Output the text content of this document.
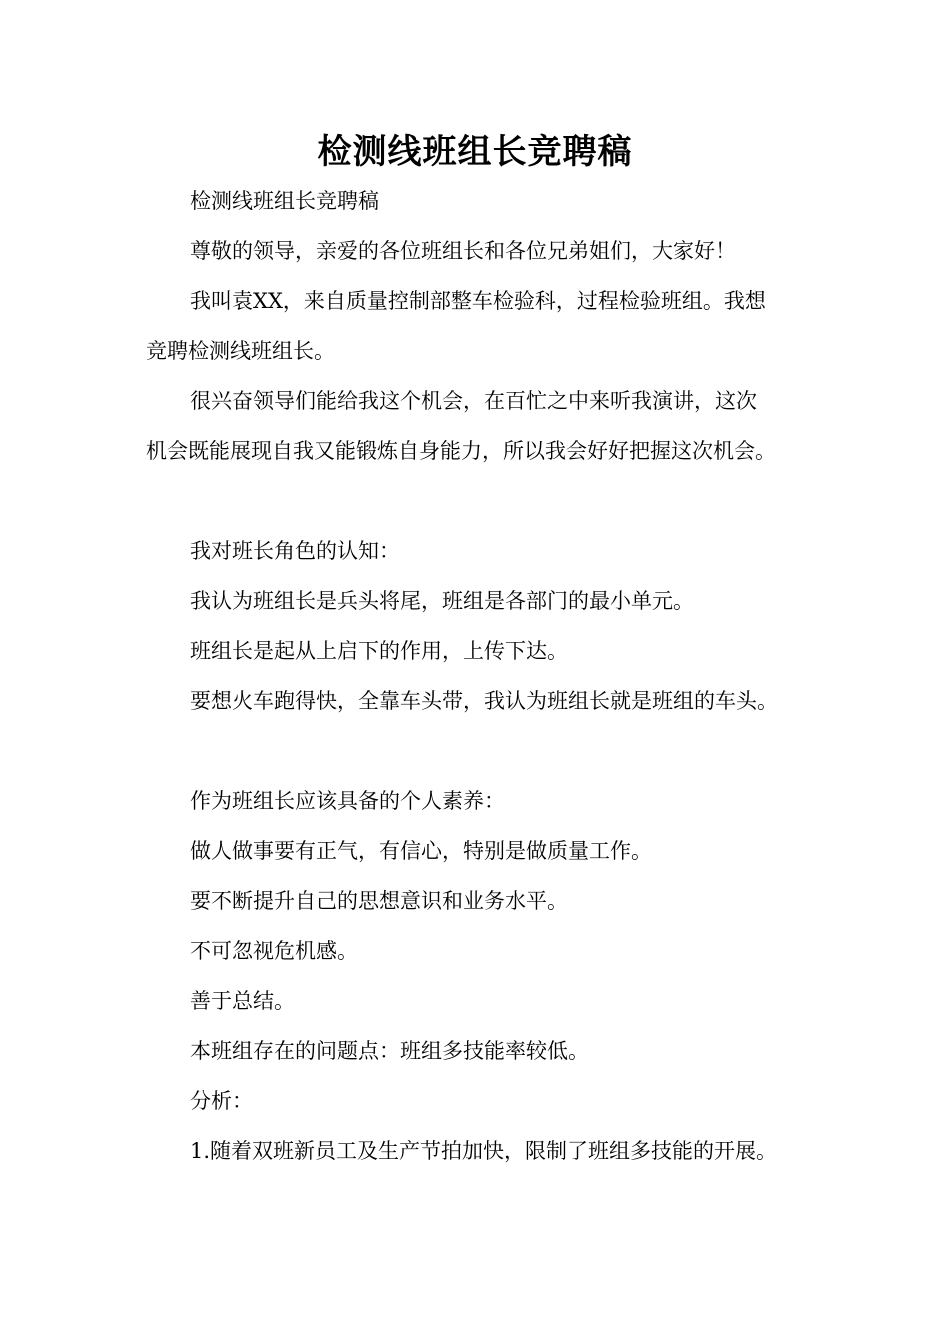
检测线班组长竞聘稿
检测线班组长竞聘稿
尊敬的领导，亲爱的各位班组长和各位兄弟姐们，大家好！
我叫袁XX，来自质量控制部整车检验科，过程检验班组。我想
竞聘检测线班组长。
很兴奋领导们能给我这个机会，在百忙之中来听我演讲，这次
机会既能展现自我又能锻炼自身能力，所以我会好好把握这次机会。
我对班长角色的认知：
我认为班组长是兵头将尾，班组是各部门的最小单元。
班组长是起从上启下的作用，上传下达。
要想火车跑得快，全靠车头带，我认为班组长就是班组的车头。
作为班组长应该具备的个人素养：
做人做事要有正气，有信心，特别是做质量工作。
要不断提升自己的思想意识和业务水平。
不可忽视危机感。
善于总结。
本班组存在的问题点：班组多技能率较低。
分析：
1.随着双班新员工及生产节拍加快，限制了班组多技能的开展。
